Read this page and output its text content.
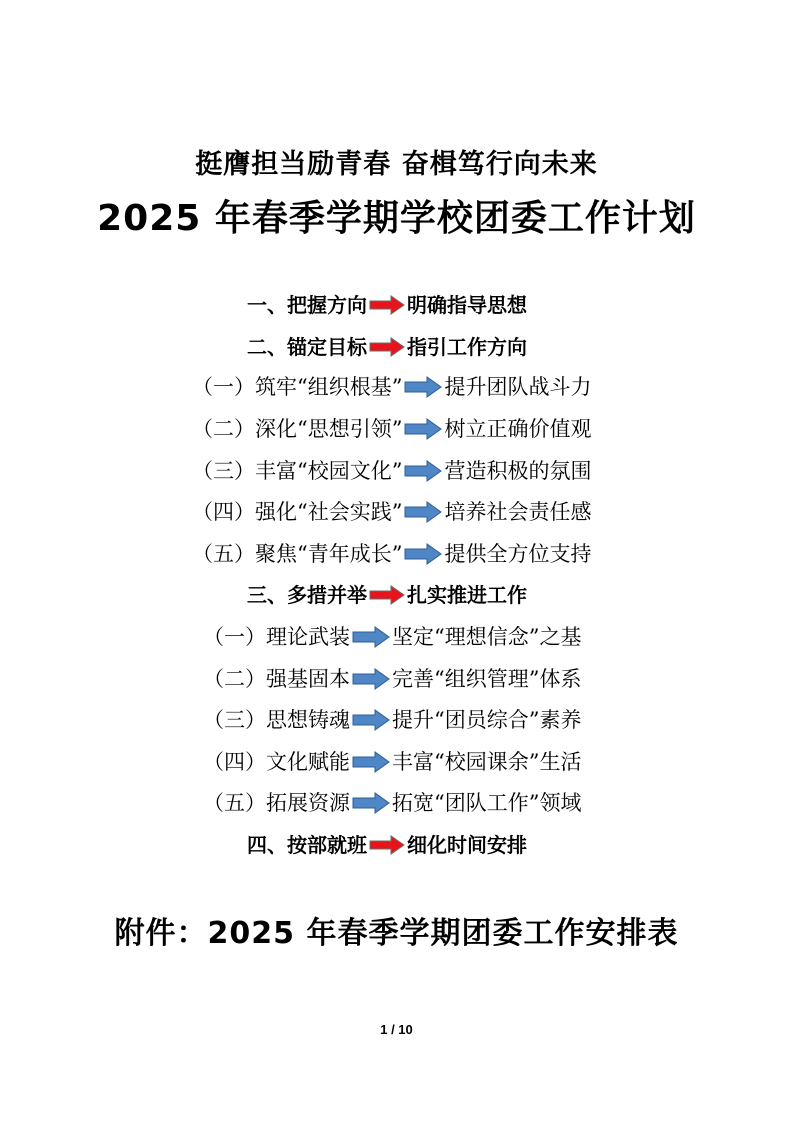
挺膺担当励青春 奋楫笃行向未来
2025 年春季学期学校团委工作计划
一、把握方向 明确指导思想
二、锚定目标 指引工作方向
（一）筑牢“组织根基” 提升团队战斗力
（二）深化“思想引领” 树立正确价值观
（三）丰富“校园文化” 营造积极的氛围
（四）强化“社会实践” 培养社会责任感
（五）聚焦“青年成长” 提供全方位支持
三、多措并举 扎实推进工作
（一）理论武装 坚定“理想信念”之基
（二）强基固本 完善“组织管理”体系
（三）思想铸魂 提升“团员综合”素养
（四）文化赋能 丰富“校园课余”生活
（五）拓展资源 拓宽“团队工作”领域
四、按部就班 细化时间安排
附件：2025 年春季学期团委工作安排表
1 / 10
